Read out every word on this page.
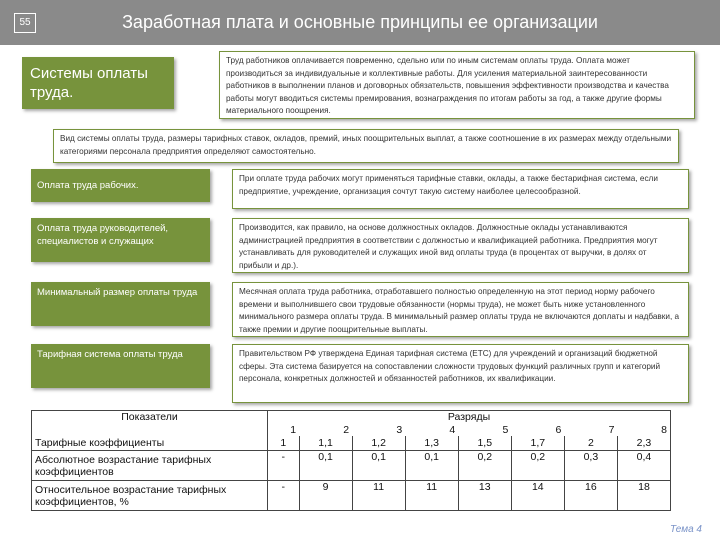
55	Заработная плата и основные принципы ее организации
Системы оплаты труда.
Труд работников оплачивается повременно, сдельно или по иным системам оплаты труда. Оплата может производиться за индивидуальные и коллективные работы. Для усиления материальной заинтересованности работников в выполнении планов и договорных обязательств, повышения эффективности производства и качества работы могут вводиться системы премирования, вознаграждения по итогам работы за год, а также другие формы материального поощрения.
Вид системы оплаты труда, размеры тарифных ставок, окладов, премий, иных поощрительных выплат, а также соотношение в их размерах между отдельными категориями персонала предприятия определяют самостоятельно.
Оплата труда рабочих.
При оплате труда рабочих могут применяться тарифные ставки, оклады, а также бестарифная система, если предприятие, учреждение, организация сочтут такую систему наиболее целесообразной.
Оплата труда руководителей, специалистов и служащих
Производится, как правило, на основе должностных окладов. Должностные оклады устанавливаются администрацией предприятия в соответствии с должностью и квалификацией работника. Предприятия могут устанавливать для руководителей и служащих иной вид оплаты труда (в процентах от выручки, в долях от прибыли и др.).
Минимальный размер оплаты труда	Месячная оплата труда работника, отработавшего полностью определенную на этот период норму рабочего времени и выполнившего свои трудовые обязанности (нормы труда), не может быть ниже установленного минимального размера оплаты труда. В минимальный размер оплаты труда не включаются доплаты и надбавки, а также премии и другие поощрительные выплаты.
Тарифная система оплаты труда	Правительством РФ утверждена Единая тарифная система (ЕТС) для учреждений и организаций бюджетной сферы. Эта система базируется на сопоставлении сложности трудовых функций различных групп и категорий персонала, конкретных должностей и обязанностей работников, их квалификации.
Показатели	Разряды							
	1	2	3	4	5	6	7	8
Тарифные коэффициенты	1	1,1	1,2	1,3	1,5	1,7	2	2,3
Абсолютное возрастание тарифных коэффициентов	-	0,1	0,1	0,1	0,2	0,2	0,3	0,4
Относительное возрастание тарифных коэффициентов, %	-	9	11	11	13	14	16	18
Тема 4
